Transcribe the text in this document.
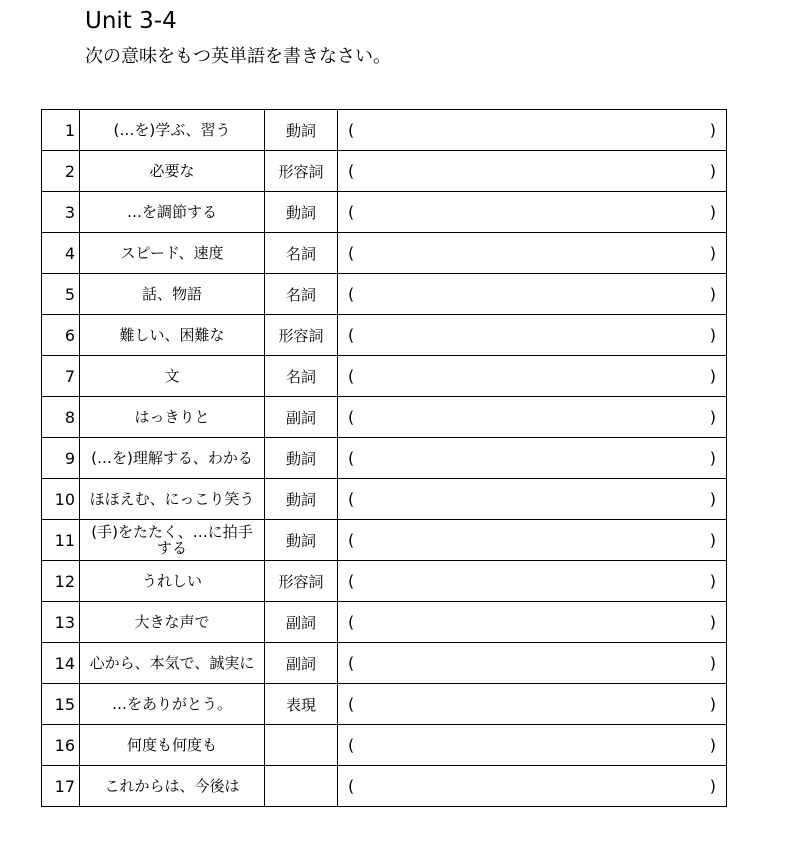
Unit 3-4
次の意味をもつ英単語を書きなさい。
1	(…を)学ぶ、習う	動詞	( )

2	必要な	形容詞	( )

3	…を調節する	動詞	( )

4	スピード、速度	名詞	( )

5	話、物語	名詞	( )

6	難しい、困難な	形容詞	( )

7	文	名詞	( )

8	はっきりと	副詞	( )

9	(…を)理解する、わかる	動詞	( )

10	ほほえむ、にっこり笑う	動詞	( )

11	(手)をたたく、…に拍手する	動詞	( )

12	うれしい	形容詞	( )

13	大きな声で	副詞	( )

14	心から、本気で、誠実に	副詞	( )

15	…をありがとう。	表現	( )

16	何度も何度も		( )

17	これからは、今後は		( )
